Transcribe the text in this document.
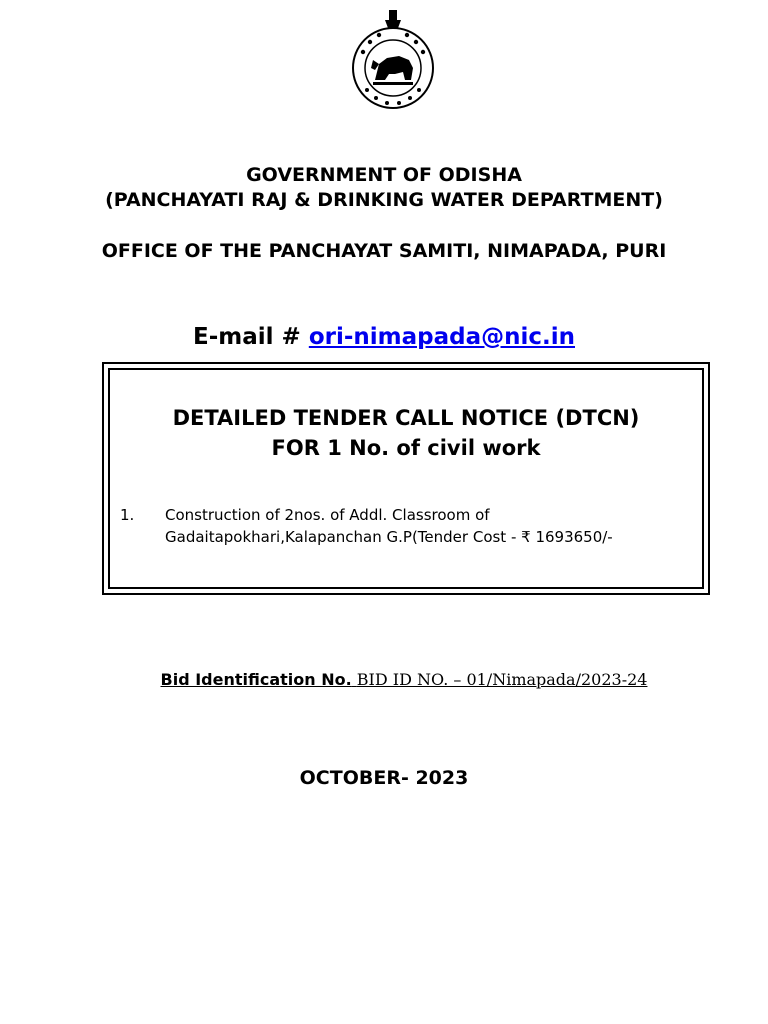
GOVERNMENT OF ODISHA
(PANCHAYATI RAJ & DRINKING WATER DEPARTMENT)
OFFICE OF THE PANCHAYAT SAMITI, NIMAPADA, PURI
E-mail # ori-nimapada@nic.in
DETAILED TENDER CALL NOTICE (DTCN)
FOR 1 No. of civil work
1. Construction of 2nos. of Addl. Classroom of
Gadaitapokhari,Kalapanchan G.P(Tender Cost - ₹ 1693650/-
Bid Identification No. BID ID NO. – 01/Nimapada/2023-24
OCTOBER- 2023
